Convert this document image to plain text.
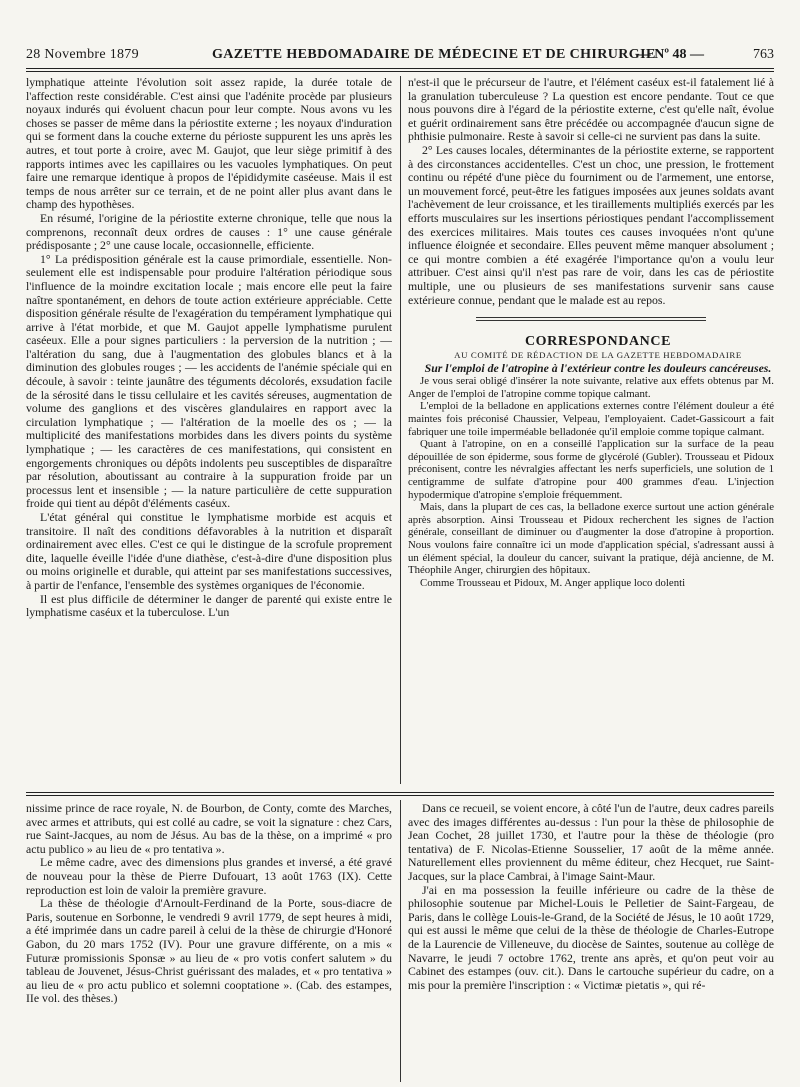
28 Novembre 1879	GAZETTE HEBDOMADAIRE DE MÉDECINE ET DE CHIRURGIE
— Nº 48 —	763

lymphatique atteinte l'évolution soit assez rapide, la durée totale de l'affection reste considérable. C'est ainsi que l'adénite procède par plusieurs noyaux indurés qui évoluent chacun pour leur compte. Nous avons vu les choses se passer de même dans la périostite externe ; les noyaux d'induration qui se forment dans la couche externe du périoste suppurent les uns après les autres, et tout porte à croire, avec M. Gaujot, que leur siège primitif à des rapports intimes avec les capillaires ou les vacuoles lymphatiques. On peut faire une remarque identique à propos de l'épididymite caséeuse. Mais il est temps de nous arrêter sur ce terrain, et de ne point aller plus avant dans le champ des hypothèses.

En résumé, l'origine de la périostite externe chronique, telle que nous la comprenons, reconnaît deux ordres de causes : 1° une cause générale prédisposante ; 2° une cause locale, occasionnelle, efficiente.

1° La prédisposition générale est la cause primordiale, essentielle. Non-seulement elle est indispensable pour produire l'altération périodique sous l'influence de la moindre excitation locale ; mais encore elle peut la faire naître spontanément, en dehors de toute action extérieure appréciable. Cette disposition générale résulte de l'exagération du tempérament lymphatique qui arrive à l'état morbide, et que M. Gaujot appelle lymphatisme purulent caséeux. Elle a pour signes particuliers : la perversion de la nutrition ; — l'altération du sang, due à l'augmentation des globules blancs et à la diminution des globules rouges ; — les accidents de l'anémie spéciale qui en découle, à savoir : teinte jaunâtre des téguments décolorés, exsudation facile de la sérosité dans le tissu cellulaire et les cavités séreuses, augmentation de volume des ganglions et des viscères glandulaires en rapport avec la circulation lymphatique ; — l'altération de la moelle des os ; — la multiplicité des manifestations morbides dans les divers points du système lymphatique ; — les caractères de ces manifestations, qui consistent en engorgements chroniques ou dépôts indolents peu susceptibles de disparaître par résolution, aboutissant au contraire à la suppuration froide par un processus lent et insensible ; — la nature particulière de cette suppuration froide qui tient au dépôt d'éléments caséux.

L'état général qui constitue le lymphatisme morbide est acquis et transitoire. Il naît des conditions défavorables à la nutrition et disparaît ordinairement avec elles. C'est ce qui le distingue de la scrofule proprement dite, laquelle éveille l'idée d'une diathèse, c'est-à-dire d'une disposition plus ou moins originelle et durable, qui atteint par ses manifestations successives, à partir de l'enfance, l'ensemble des systèmes organiques de l'économie.

Il est plus difficile de déterminer le danger de parenté qui existe entre le lymphatisme caséux et la tuberculose. L'un

n'est-il que le précurseur de l'autre, et l'élément caséux est-il fatalement lié à la granulation tuberculeuse ? La question est encore pendante. Tout ce que nous pouvons dire à l'égard de la périostite externe, c'est qu'elle naît, évolue et guérit ordinairement sans être précédée ou accompagnée d'aucun signe de phthisie pulmonaire. Reste à savoir si celle-ci ne survient pas dans la suite.

2° Les causes locales, déterminantes de la périostite externe, se rapportent à des circonstances accidentelles. C'est un choc, une pression, le frottement continu ou répété d'une pièce du fourniment ou de l'armement, une entorse, un mouvement forcé, peut-être les fatigues imposées aux jeunes soldats avant l'achèvement de leur croissance, et les tiraillements multipliés exercés par les efforts musculaires sur les insertions périostiques pendant l'accomplissement des exercices militaires. Mais toutes ces causes invoquées n'ont qu'une influence éloignée et secondaire. Elles peuvent même manquer absolument ; ce qui montre combien a été exagérée l'importance qu'on a voulu leur attribuer. C'est ainsi qu'il n'est pas rare de voir, dans les cas de périostite multiple, une ou plusieurs de ses manifestations survenir sans cause extérieure connue, pendant que le malade est au repos.

CORRESPONDANCE

AU COMITÉ DE RÉDACTION DE LA GAZETTE HEBDOMADAIRE

Sur l'emploi de l'atropine à l'extérieur contre les douleurs cancéreuses.

Je vous serai obligé d'insérer la note suivante, relative aux effets obtenus par M. Anger de l'emploi de l'atropine comme topique calmant.

L'emploi de la belladone en applications externes contre l'élément douleur a été maintes fois préconisé Chaussier, Velpeau, l'employaient. Cadet-Gassicourt a fait fabriquer une toile imperméable belladonée qu'il emploie comme topique calmant.

Quant à l'atropine, on en a conseillé l'application sur la surface de la peau dépouillée de son épiderme, sous forme de glycérolé (Gubler). Trousseau et Pidoux préconisent, contre les névralgies affectant les nerfs superficiels, une solution de 1 centigramme de sulfate d'atropine pour 400 grammes d'eau. L'injection hypodermique d'atropine s'emploie fréquemment.

Mais, dans la plupart de ces cas, la belladone exerce surtout une action générale après absorption. Ainsi Trousseau et Pidoux recherchent les signes de l'action générale, conseillant de diminuer ou d'augmenter la dose d'atropine à proportion. Nous voulons faire connaître ici un mode d'application spécial, s'adressant aussi à un élément spécial, la douleur du cancer, suivant la pratique, déjà ancienne, de M. Théophile Anger, chirurgien des hôpitaux.

Comme Trousseau et Pidoux, M. Anger applique loco dolenti

nissime prince de race royale, N. de Bourbon, de Conty, comte des Marches, avec armes et attributs, qui est collé au cadre, se voit la signature : chez Cars, rue Saint-Jacques, au nom de Jésus. Au bas de la thèse, on a imprimé « pro actu publico » au lieu de « pro tentativa ».

Le même cadre, avec des dimensions plus grandes et inversé, a été gravé de nouveau pour la thèse de Pierre Dufouart, 13 août 1763 (IX). Cette reproduction est loin de valoir la première gravure.

La thèse de théologie d'Arnoult-Ferdinand de la Porte, sous-diacre de Paris, soutenue en Sorbonne, le vendredi 9 avril 1779, de sept heures à midi, a été imprimée dans un cadre pareil à celui de la thèse de chirurgie d'Honoré Gabon, du 20 mars 1752 (IV). Pour une gravure différente, on a mis « Futuræ promissionis Sponsæ » au lieu de « pro votis confert salutem » du tableau de Jouvenet, Jésus-Christ guérissant des malades, et « pro tentativa » au lieu de « pro actu publico et solemni cooptatione ». (Cab. des estampes, IIe vol. des thèses.)

Dans ce recueil, se voient encore, à côté l'un de l'autre, deux cadres pareils avec des images différentes au-dessus : l'un pour la thèse de philosophie de Jean Cochet, 28 juillet 1730, et l'autre pour la thèse de théologie (pro tentativa) de F. Nicolas-Etienne Sousselier, 17 août de la même année. Naturellement elles proviennent du même éditeur, chez Hecquet, rue Saint-Jacques, sur la place Cambrai, à l'image Saint-Maur.

J'ai en ma possession la feuille inférieure ou cadre de la thèse de philosophie soutenue par Michel-Louis le Pelletier de Saint-Fargeau, de Paris, dans le collège Louis-le-Grand, de la Société de Jésus, le 10 août 1729, qui est aussi le même que celui de la thèse de théologie de Charles-Eutrope de la Laurencie de Villeneuve, du diocèse de Saintes, soutenue au collège de Navarre, le jeudi 7 octobre 1762, trente ans après, et qu'on peut voir au Cabinet des estampes (ouv. cit.). Dans le cartouche supérieur du cadre, on a mis pour la première l'inscription : « Victimæ pietatis », qui ré-
